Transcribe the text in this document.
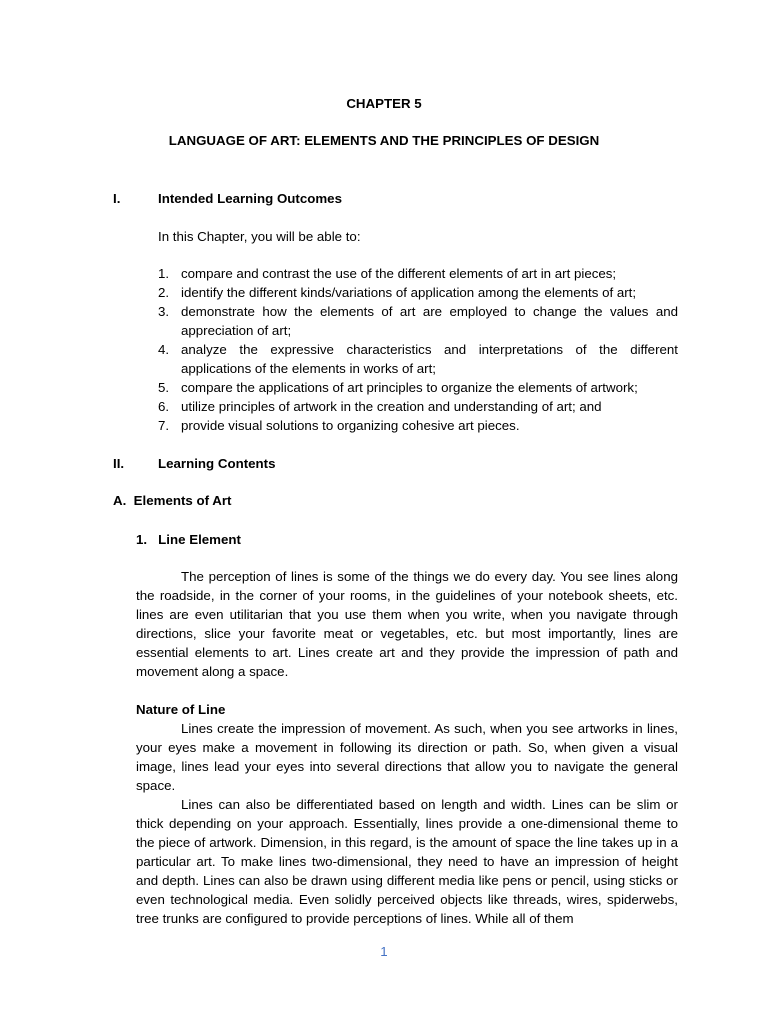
CHAPTER 5
LANGUAGE OF ART: ELEMENTS AND THE PRINCIPLES OF DESIGN
I.	Intended Learning Outcomes
In this Chapter, you will be able to:
1. compare and contrast the use of the different elements of art in art pieces;
2. identify the different kinds/variations of application among the elements of art;
3. demonstrate how the elements of art are employed to change the values and appreciation of art;
4. analyze the expressive characteristics and interpretations of the different applications of the elements in works of art;
5. compare the applications of art principles to organize the elements of artwork;
6. utilize principles of artwork in the creation and understanding of art; and
7. provide visual solutions to organizing cohesive art pieces.
II.	Learning Contents
A.  Elements of Art
1.   Line Element

The perception of lines is some of the things we do every day. You see lines along the roadside, in the corner of your rooms, in the guidelines of your notebook sheets, etc. lines are even utilitarian that you use them when you write, when you navigate through directions, slice your favorite meat or vegetables, etc. but most importantly, lines are essential elements to art. Lines create art and they provide the impression of path and movement along a space.

Nature of Line

Lines create the impression of movement. As such, when you see artworks in lines, your eyes make a movement in following its direction or path. So, when given a visual image, lines lead your eyes into several directions that allow you to navigate the general space.

Lines can also be differentiated based on length and width. Lines can be slim or thick depending on your approach. Essentially, lines provide a one-dimensional theme to the piece of artwork. Dimension, in this regard, is the amount of space the line takes up in a particular art. To make lines two-dimensional, they need to have an impression of height and depth. Lines can also be drawn using different media like pens or pencil, using sticks or even technological media. Even solidly perceived objects like threads, wires, spiderwebs, tree trunks are configured to provide perceptions of lines. While all of them

1
